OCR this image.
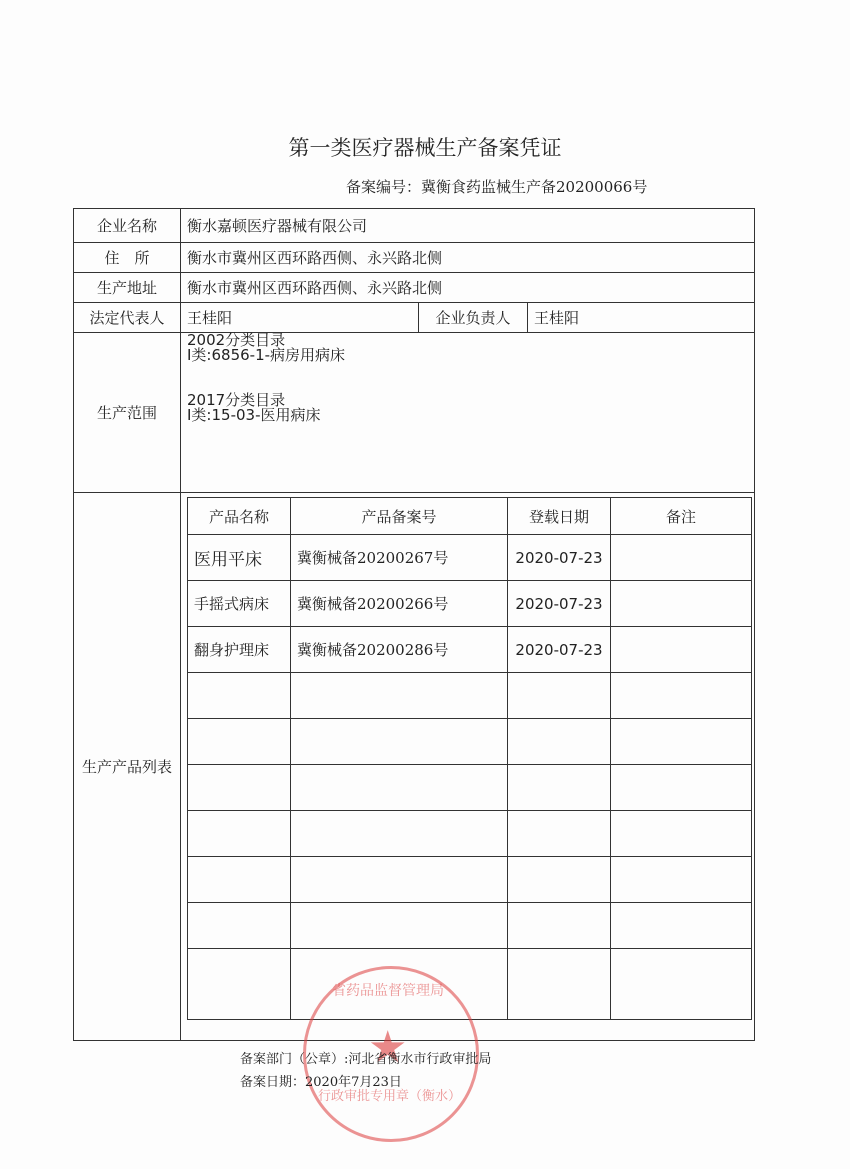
第一类医疗器械生产备案凭证
备案编号：冀衡食药监械生产备20200066号
企业名称	衡水嘉顿医疗器械有限公司		
住　所	衡水市冀州区西环路西侧、永兴路北侧		
生产地址	衡水市冀州区西环路西侧、永兴路北侧		
法定代表人	王桂阳	企业负责人	王桂阳
生产范围	2002分类目录
Ⅰ类:6856-1-病房用病床
2017分类目录
Ⅰ类:15-03-医用病床		

生产产品列表			
产品名称	产品备案号	登载日期	备注
医用平床	冀衡械备20200267号	2020-07-23	
手摇式病床	冀衡械备20200266号	2020-07-23	
翻身护理床	冀衡械备20200286号	2020-07-23	

省药品监督管理局
★
行政审批专用章（衡水）
备案部门（公章）:河北省衡水市行政审批局
备案日期：2020年7月23日
